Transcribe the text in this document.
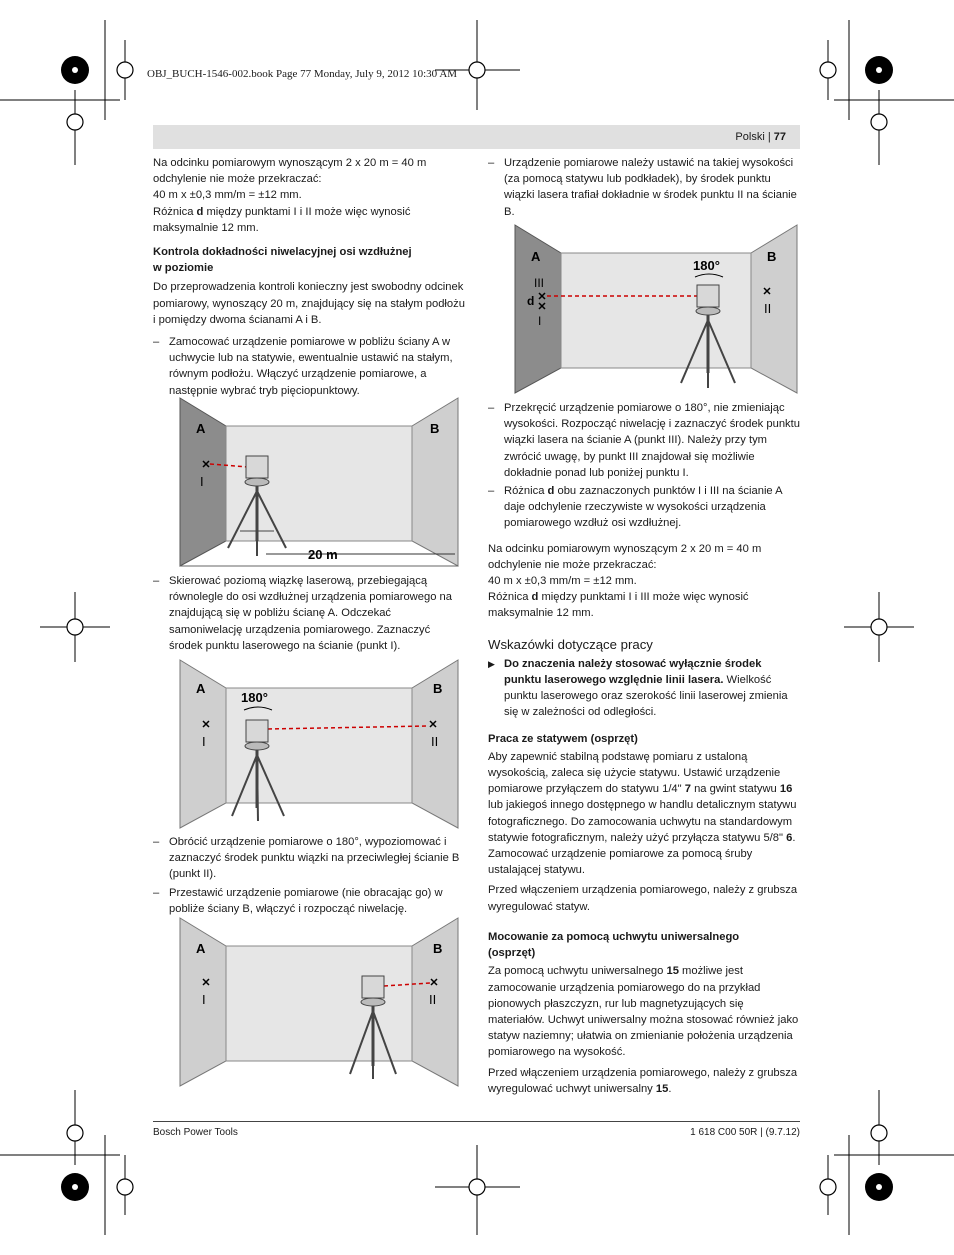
OBJ_BUCH-1546-002.book Page 77 Monday, July 9, 2012 10:30 AM
Polski | 77

Na odcinku pomiarowym wynoszącym 2 x 20 m = 40 m odchylenie nie może przekraczać:

40 m x ±0,3 mm/m = ±12 mm.

Różnica d między punktami I i II może więc wynosić maksymalnie 12 mm.

Kontrola dokładności niwelacyjnej osi wzdłużnej
w poziomie

Do przeprowadzenia kontroli konieczny jest swobodny odcinek pomiarowy, wynoszący 20 m, znajdujący się na stałym podłożu i pomiędzy dwoma ścianami A i B.

– Zamocować urządzenie pomiarowe w pobliżu ściany A w uchwycie lub na statywie, ewentualnie ustawić na stałym, równym podłożu. Włączyć urządzenie pomiarowe, a następnie wybrać tryb pięciopunktowy.
A	B
I
20 m
– Skierować poziomą wiązkę laserową, przebiegającą równolegle do osi wzdłużnej urządzenia pomiarowego na znajdującą się w pobliżu ścianę A. Odczekać samoniwelację urządzenia pomiarowego. Zaznaczyć środek punktu laserowego na ścianie (punkt I).
A	B
180°
I	II
– Obrócić urządzenie pomiarowe o 180°, wypoziomować i zaznaczyć środek punktu wiązki na przeciwległej ścianie B (punkt II).
– Przestawić urządzenie pomiarowe (nie obracając go) w pobliże ściany B, włączyć i rozpocząć niwelację.
A	B
I	II
– Urządzenie pomiarowe należy ustawić na takiej wysokości (za pomocą statywu lub podkładek), by środek punktu wiązki lasera trafiał dokładnie w środek punktu II na ścianie B.
A	B
180°
III
d
I
II
– Przekręcić urządzenie pomiarowe o 180°, nie zmieniając wysokości. Rozpocząć niwelację i zaznaczyć środek punktu wiązki lasera na ścianie A (punkt III). Należy przy tym zwrócić uwagę, by punkt III znajdował się możliwie dokładnie ponad lub poniżej punktu I.
– Różnica d obu zaznaczonych punktów I i III na ścianie A daje odchylenie rzeczywiste w wysokości urządzenia pomiarowego wzdłuż osi wzdłużnej.

Na odcinku pomiarowym wynoszącym 2 x 20 m = 40 m odchylenie nie może przekraczać:

40 m x ±0,3 mm/m = ±12 mm.

Różnica d między punktami I i III może więc wynosić maksymalnie 12 mm.

Wskazówki dotyczące pracy

▶ Do znaczenia należy stosować wyłącznie środek punktu laserowego względnie linii lasera. Wielkość punktu laserowego oraz szerokość linii laserowej zmienia się w zależności od odległości.

Praca ze statywem (osprzęt)

Aby zapewnić stabilną podstawę pomiaru z ustaloną wysokością, zaleca się użycie statywu. Ustawić urządzenie pomiarowe przyłączem do statywu 1/4" 7 na gwint statywu 16 lub jakiegoś innego dostępnego w handlu detalicznym statywu fotograficznego. Do zamocowania uchwytu na standardowym statywie fotograficznym, należy użyć przyłącza statywu 5/8" 6. Zamocować urządzenie pomiarowe za pomocą śruby ustalającej statywu.

Przed włączeniem urządzenia pomiarowego, należy z grubsza wyregulować statyw.

Mocowanie za pomocą uchwytu uniwersalnego
(osprzęt)

Za pomocą uchwytu uniwersalnego 15 możliwe jest zamocowanie urządzenia pomiarowego do na przykład pionowych płaszczyzn, rur lub magnetyzujących się materiałów. Uchwyt uniwersalny można stosować również jako statyw naziemny; ułatwia on zmienianie położenia urządzenia pomiarowego na wysokość.

Przed włączeniem urządzenia pomiarowego, należy z grubsza wyregulować uchwyt uniwersalny 15.

Bosch Power Tools	1 618 C00 50R | (9.7.12)
